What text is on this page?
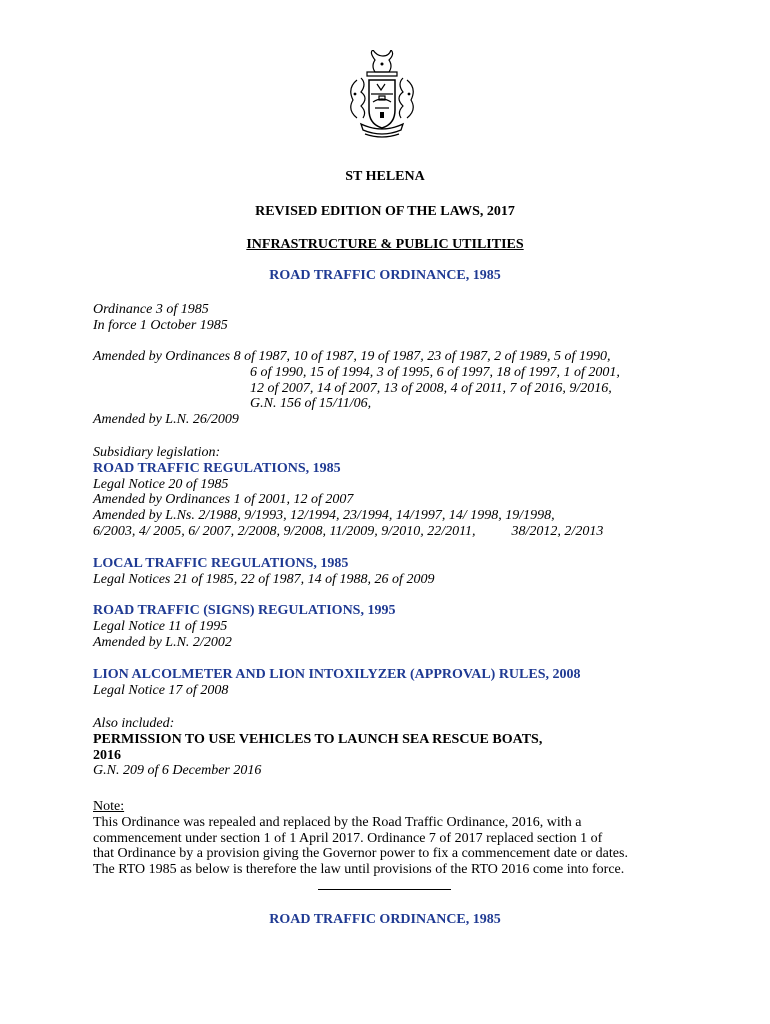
ST HELENA
REVISED EDITION OF THE LAWS, 2017
INFRASTRUCTURE & PUBLIC UTILITIES
ROAD TRAFFIC ORDINANCE, 1985
Ordinance 3 of 1985
In force 1 October 1985
Amended by Ordinances 8 of 1987, 10 of 1987, 19 of 1987, 23 of 1987, 2 of 1989, 5 of 1990,
6 of 1990, 15 of 1994, 3 of 1995, 6 of 1997, 18 of 1997, 1 of 2001,
12 of 2007, 14 of 2007, 13 of 2008, 4 of 2011, 7 of 2016, 9/2016,
G.N. 156 of 15/11/06,
Amended by L.N. 26/2009
Subsidiary legislation:
ROAD TRAFFIC REGULATIONS, 1985
Legal Notice 20 of 1985
Amended by Ordinances 1 of 2001, 12 of 2007
Amended by L.Ns. 2/1988, 9/1993, 12/1994, 23/1994, 14/1997, 14/ 1998, 19/1998,
6/2003, 4/ 2005, 6/ 2007, 2/2008, 9/2008, 11/2009, 9/2010, 22/2011,	38/2012, 2/2013
LOCAL TRAFFIC REGULATIONS, 1985
Legal Notices 21 of 1985, 22 of 1987, 14 of 1988, 26 of 2009
ROAD TRAFFIC (SIGNS) REGULATIONS, 1995
Legal Notice 11 of 1995
Amended by L.N. 2/2002
LION ALCOLMETER AND LION INTOXILYZER (APPROVAL) RULES, 2008
Legal Notice 17 of 2008
Also included:
PERMISSION TO USE VEHICLES TO LAUNCH SEA RESCUE BOATS,
2016
G.N. 209 of 6 December 2016
Note:
This Ordinance was repealed and replaced by the Road Traffic Ordinance, 2016, with a
commencement under section 1 of 1 April 2017. Ordinance 7 of 2017 replaced section 1 of
that Ordinance by a provision giving the Governor power to fix a commencement date or dates.
The RTO 1985 as below is therefore the law until provisions of the RTO 2016 come into force.
ROAD TRAFFIC ORDINANCE, 1985
